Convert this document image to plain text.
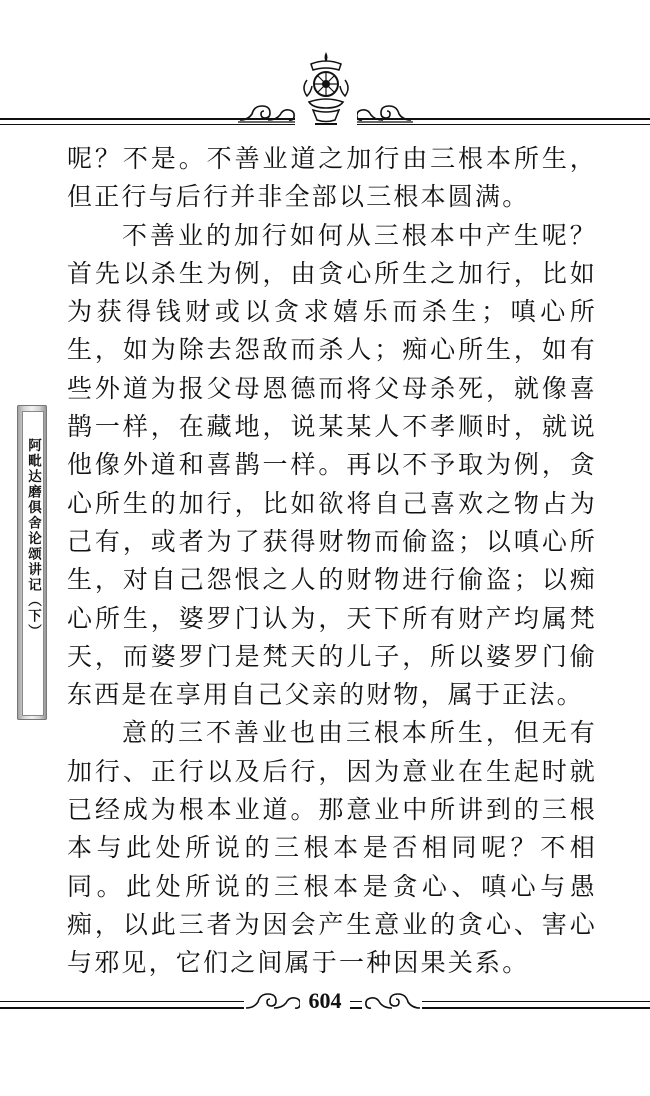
阿毗达磨俱舍论颂讲记（下）

呢？不是。不善业道之加行由三根本所生，但正行与后行并非全部以三根本圆满。

不善业的加行如何从三根本中产生呢？首先以杀生为例，由贪心所生之加行，比如为获得钱财或以贪求嬉乐而杀生；嗔心所生，如为除去怨敌而杀人；痴心所生，如有些外道为报父母恩德而将父母杀死，就像喜鹊一样，在藏地，说某某人不孝顺时，就说他像外道和喜鹊一样。再以不予取为例，贪心所生的加行，比如欲将自己喜欢之物占为己有，或者为了获得财物而偷盗；以嗔心所生，对自己怨恨之人的财物进行偷盗；以痴心所生，婆罗门认为，天下所有财产均属梵天，而婆罗门是梵天的儿子，所以婆罗门偷东西是在享用自己父亲的财物，属于正法。

意的三不善业也由三根本所生，但无有加行、正行以及后行，因为意业在生起时就已经成为根本业道。那意业中所讲到的三根本与此处所说的三根本是否相同呢？不相同。此处所说的三根本是贪心、嗔心与愚痴，以此三者为因会产生意业的贪心、害心与邪见，它们之间属于一种因果关系。

604
